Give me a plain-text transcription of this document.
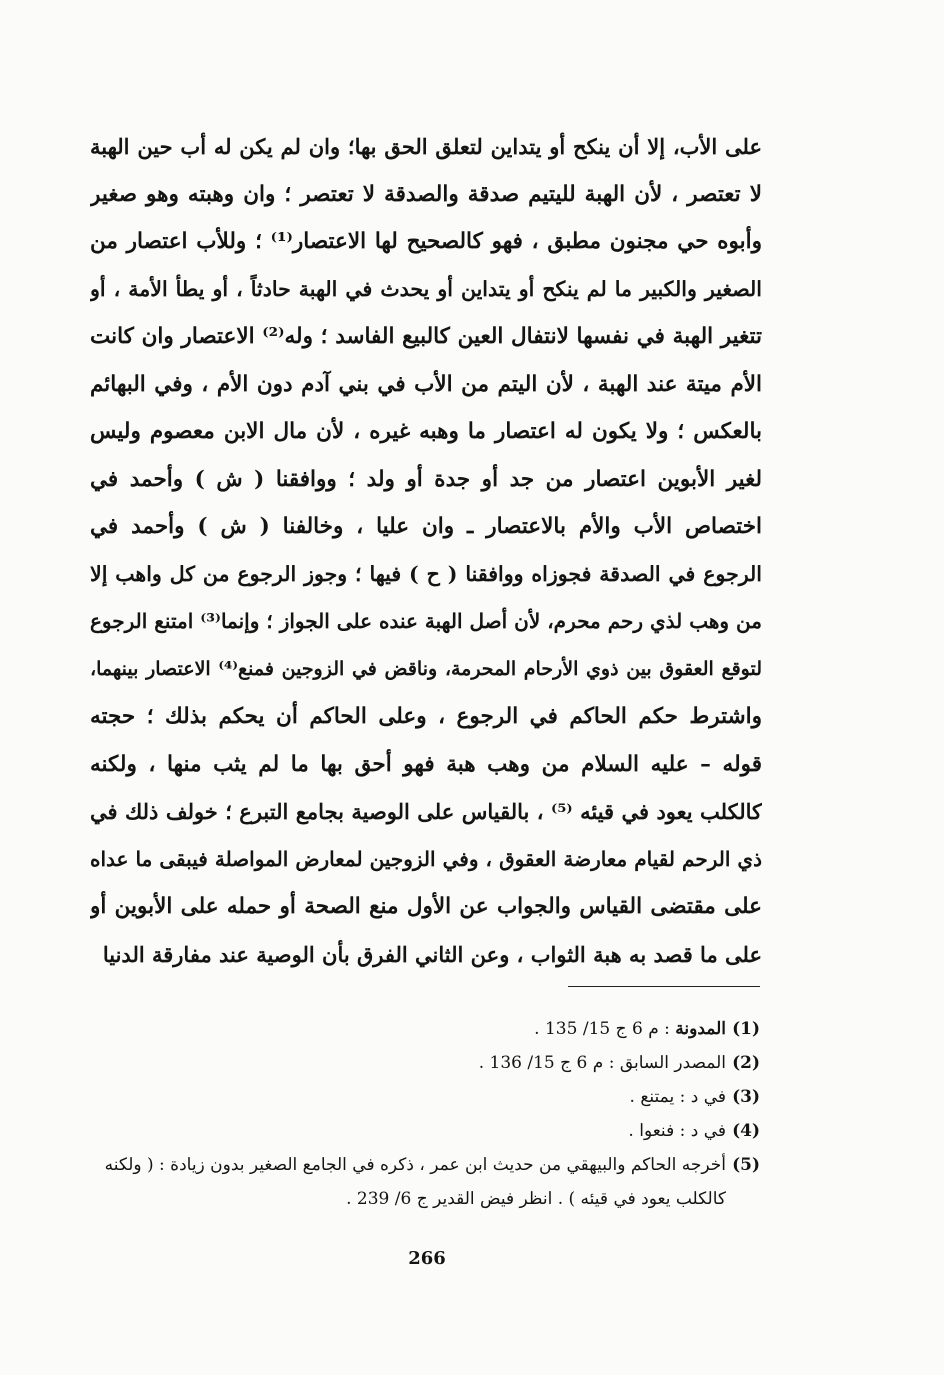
على الأب، إلا أن ينكح أو يتداين لتعلق الحق بها؛ وان لم يكن له أب حين الهبة
لا تعتصر ، لأن الهبة لليتيم صدقة والصدقة لا تعتصر ؛ وان وهبته وهو صغير
وأبوه حي مجنون مطبق ، فهو كالصحيح لها الاعتصار⁽¹⁾ ؛ وللأب اعتصار من
الصغير والكبير ما لم ينكح أو يتداين أو يحدث في الهبة حادثاً ، أو يطأ الأمة ، أو
تتغير الهبة في نفسها لانتفال العين كالبيع الفاسد ؛ وله⁽²⁾ الاعتصار وان كانت
الأم ميتة عند الهبة ، لأن اليتم من الأب في بني آدم دون الأم ، وفي البهائم
بالعكس ؛ ولا يكون له اعتصار ما وهبه غيره ، لأن مال الابن معصوم وليس
لغير الأبوين اعتصار من جد أو جدة أو ولد ؛ ووافقنا ( ش ) وأحمد في
اختصاص الأب والأم بالاعتصار ـ وان عليا ، وخالفنا ( ش ) وأحمد في
الرجوع في الصدقة فجوزاه ووافقنا ( ح ) فيها ؛ وجوز الرجوع من كل واهب إلا
من وهب لذي رحم محرم، لأن أصل الهبة عنده على الجواز ؛ وإنما⁽³⁾ امتنع الرجوع
لتوقع العقوق بين ذوي الأرحام المحرمة، وناقض في الزوجين فمنع⁽⁴⁾ الاعتصار بينهما،
واشترط حكم الحاكم في الرجوع ، وعلى الحاكم أن يحكم بذلك ؛ حجته
قوله – عليه السلام من وهب هبة فهو أحق بها ما لم يثب منها ، ولكنه
كالكلب يعود في قيئه ⁽⁵⁾ ، بالقياس على الوصية بجامع التبرع ؛ خولف ذلك في
ذي الرحم لقيام معارضة العقوق ، وفي الزوجين لمعارض المواصلة فيبقى ما عداه
على مقتضى القياس والجواب عن الأول منع الصحة أو حمله على الأبوين أو
على ما قصد به هبة الثواب ، وعن الثاني الفرق بأن الوصية عند مفارقة الدنيا
(1)
المدونة : م 6 ج 15/ 135 .
(2)
المصدر السابق : م 6 ج 15/ 136 .
(3)
في د : يمتنع .
(4)
في د : فنعوا .
(5)
أخرجه الحاكم والبيهقي من حديث ابن عمر ، ذكره في الجامع الصغير بدون زيادة : ( ولكنه كالكلب يعود في قيئه ) . انظر فيض القدير ج 6/ 239 .
266
